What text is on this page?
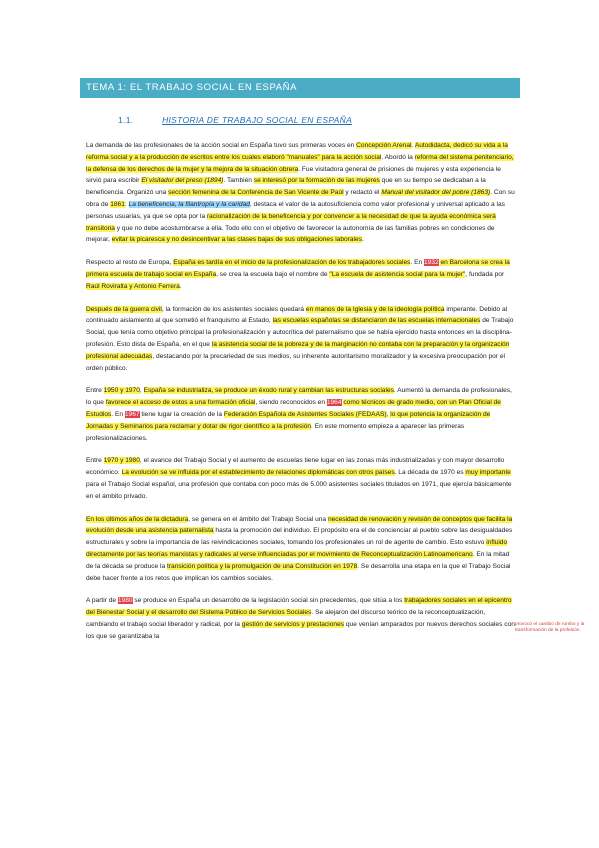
TEMA 1: EL TRABAJO SOCIAL EN ESPAÑA
1.1.	HISTORIA DE TRABAJO SOCIAL EN ESPAÑA

La demanda de las profesionales de la acción social en España tuvo sus primeras voces en Concepción Arenal. Autodidacta, dedicó su vida a la reforma social y a la producción de escritos entre los cuales elaboró "manuales" para la acción social. Abordó la reforma del sistema penitenciario, la defensa de los derechos de la mujer y la mejora de la situación obrera. Fue visitadora general de prisiones de mujeres y esta experiencia le sirvió para escribir El visitador del preso (1894). También se interesó por la formación de las mujeres que en su tiempo se dedicaban a la beneficencia. Organizó una sección femenina de la Conferencia de San Vicente de Paúl y redactó el Manual del visitador del pobre (1863). Con su obra de 1861: La beneficencia, la filantropía y la caridad, destaca el valor de la autosuficiencia como valor profesional y universal aplicado a las personas usuarias, ya que se opta por la racionalización de la beneficencia y por convencer a la necesidad de que la ayuda económica será transitoria y que no debe acostumbrarse a ella. Todo ello con el objetivo de favorecer la autonomía de las familias pobres en condiciones de mejorar, evitar la picaresca y no desincentivar a las clases bajas de sus obligaciones laborales.

Respecto al resto de Europa, España es tardía en el inicio de la profesionalización de los trabajadores sociales. En 1932 en Barcelona se crea la primera escuela de trabajo social en España, se crea la escuela bajo el nombre de "La escuela de asistencia social para la mujer", fundada por Raúl Roviralta y Antonio Ferrera.

Después de la guerra civil, la formación de los asistentes sociales quedará en manos de la Iglesia y de la ideología política imperante. Debido al continuado aislamiento al que sometió el franquismo al Estado, las escuelas españolas se distanciaron de las escuelas internacionales de Trabajo Social, que tenía como objetivo principal la profesionalización y autocrítica del paternalismo que se había ejercido hasta entonces en la disciplina-profesión. Esto dista de España, en el que la asistencia social de la pobreza y de la marginación no contaba con la preparación y la organización profesional adecuadas, destacando por la precariedad de sus medios, su inherente autoritarismo moralizador y la excesiva preocupación por el orden público.

Entre 1950 y 1970, España se industrializa, se produce un éxodo rural y cambian las estructuras sociales. Aumentó la demanda de profesionales, lo que favorece el acceso de estos a una formación oficial, siendo reconocidos en 1964 como técnicos de grado medio, con un Plan Oficial de Estudios. En 1967 tiene lugar la creación de la Federación Española de Asistentes Sociales (FEDAAS), lo que potencia la organización de Jornadas y Seminarios para reclamar y dotar de rigor científico a la profesión. En este momento empieza a aparecer las primeras profesionalizaciones.

Entre 1970 y 1980, el avance del Trabajo Social y el aumento de escuelas tiene lugar en las zonas más industrializadas y con mayor desarrollo económico. La evolución se ve influida por el establecimiento de relaciones diplomáticas con otros países. La década de 1970 es muy importante para el Trabajo Social español, una profesión que contaba con poco más de 5.000 asistentes sociales titulados en 1971, que ejercía básicamente en el ámbito privado.

En los últimos años de la dictadura, se genera en el ámbito del Trabajo Social una necesidad de renovación y revisión de conceptos que facilita la evolución desde una asistencia paternalista hasta la promoción del individuo. El propósito era el de concienciar al pueblo sobre las desigualdades estructurales y sobre la importancia de las reivindicaciones sociales, tomando los profesionales un rol de agente de cambio. Esto estuvo influido directamente por las teorías marxistas y radicales al verse influenciadas por el movimiento de Reconceptualización Latinoamericano. En la mitad de la década se produce la transición política y la promulgación de una Constitución en 1978. Se desarrolla una etapa en la que el Trabajo Social debe hacer frente a los retos que implican los cambios sociales.

A partir de 1980 se produce en España un desarrollo de la legislación social sin precedentes, que sitúa a los trabajadores sociales en el epicentro del Bienestar Social y el desarrollo del Sistema Público de Servicios Sociales. Se alejaron del discurso teórico de la reconceptualización, cambiando el trabajo social liberador y radical, por la gestión de servicios y prestaciones que venían amparados por nuevos derechos sociales con los que se garantizaba la

provocó el cambio de rumbo y la transformación de la profesión
